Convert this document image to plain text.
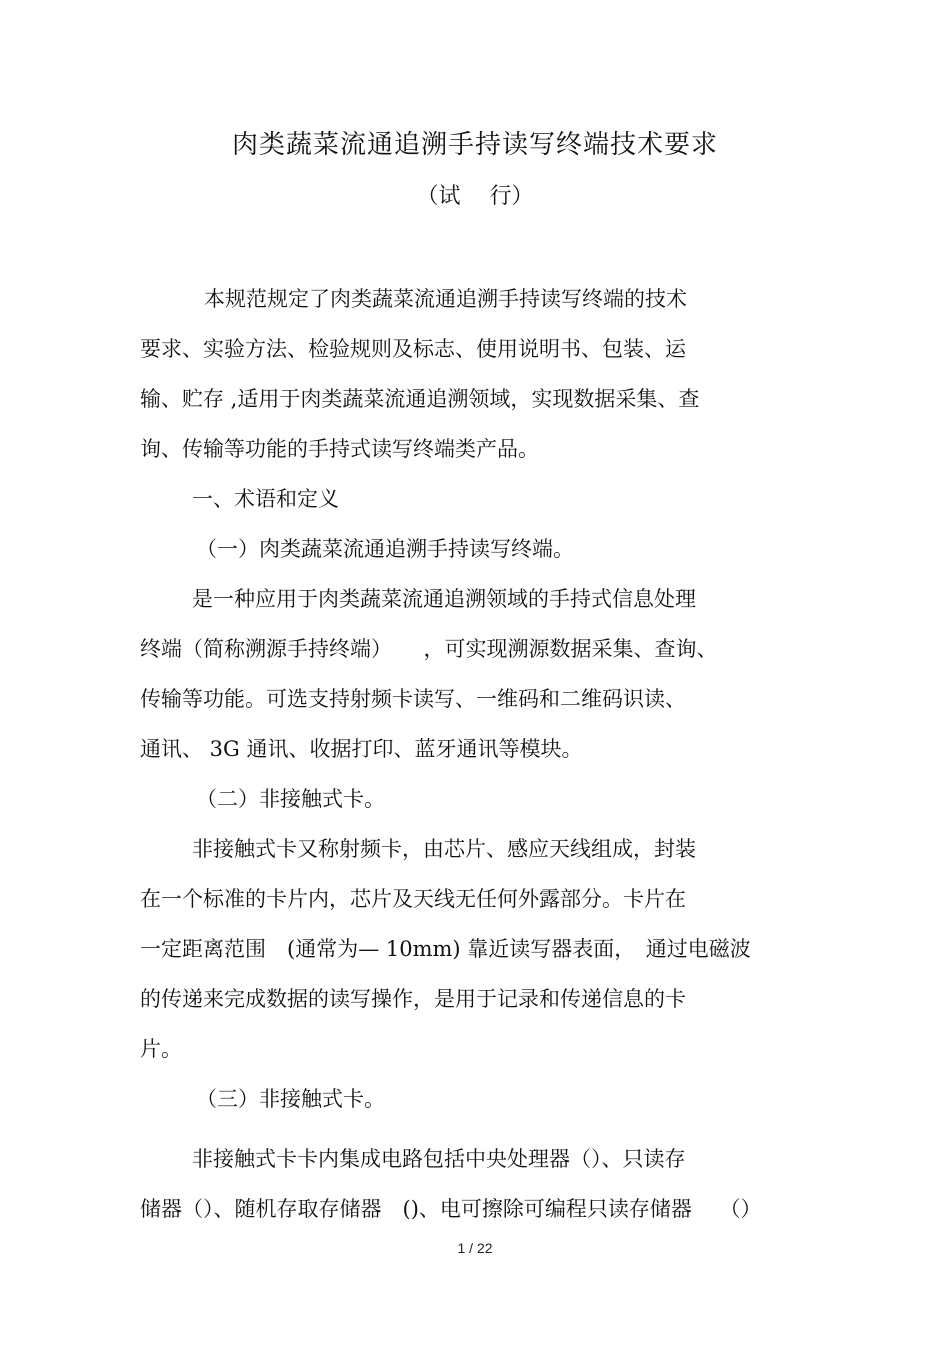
肉类蔬菜流通追溯手持读写终端技术要求
（试　 行）
本规范规定了肉类蔬菜流通追溯手持读写终端的技术
要求、实验方法、检验规则及标志、使用说明书、包装、运
输、贮存 ,适用于肉类蔬菜流通追溯领域，实现数据采集、查
询、传输等功能的手持式读写终端类产品。
一、术语和定义
（一）肉类蔬菜流通追溯手持读写终端。
是一种应用于肉类蔬菜流通追溯领域的手持式信息处理
终端（简称溯源手持终端）　　，可实现溯源数据采集、查询、
传输等功能。可选支持射频卡读写、一维码和二维码识读、
通讯、 3G 通讯、收据打印、蓝牙通讯等模块。
（二）非接触式卡。
非接触式卡又称射频卡，由芯片、感应天线组成，封装
在一个标准的卡片内，芯片及天线无任何外露部分。卡片在
一定距离范围　(通常为— 10mm) 靠近读写器表面，　通过电磁波
的传递来完成数据的读写操作，是用于记录和传递信息的卡
片。
（三）非接触式卡。
非接触式卡卡内集成电路包括中央处理器（）、只读存
储器（）、随机存取存储器　()、电可擦除可编程只读存储器　 （）
1 / 22
